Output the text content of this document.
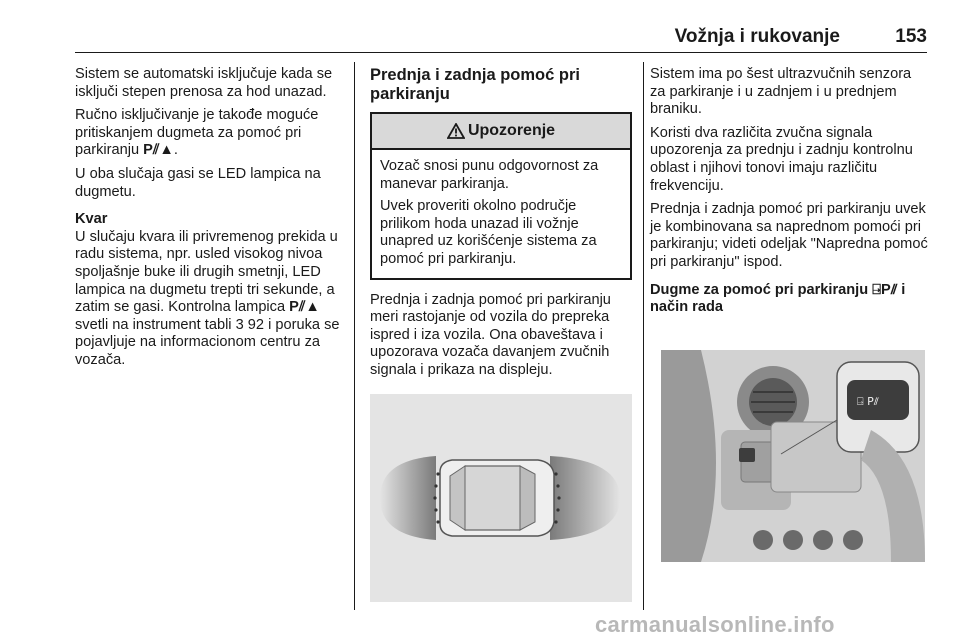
Vožnja i rukovanje	153

Sistem se automatski isključuje kada se isključi stepen prenosa za hod unazad.

Ručno isključivanje je takođe moguće pritiskanjem dugmeta za pomoć pri parkiranju P⫽▲.

U oba slučaja gasi se LED lampica na dugmetu.

Kvar

U slučaju kvara ili privremenog prekida u radu sistema, npr. usled visokog nivoa spoljašnje buke ili drugih smetnji, LED lampica na dugmetu trepti tri sekunde, a zatim se gasi. Kontrolna lampica P⫽▲ svetli na instrument tabli 3 92 i poruka se pojavljuje na informacionom centru za vozača.

Prednja i zadnja pomoć pri parkiranju
Upozorenje

Vozač snosi punu odgovornost za manevar parkiranja.

Uvek proveriti okolno područje prilikom hoda unazad ili vožnje unapred uz korišćenje sistema za pomoć pri parkiranju.

Prednja i zadnja pomoć pri parkiranju meri rastojanje od vozila do prepreka ispred i iza vozila. Ona obaveštava i upozorava vozača davanjem zvučnih signala i prikaza na displeju.

Sistem ima po šest ultrazvučnih senzora za parkiranje i u zadnjem i u prednjem braniku.

Koristi dva različita zvučna signala upozorenja za prednju i zadnju kontrolnu oblast i njihovi tonovi imaju različitu frekvenciju.

Prednja i zadnja pomoć pri parkiranju uvek je kombinovana sa naprednom pomoći pri parkiranju; videti odeljak "Napredna pomoć pri parkiranju" ispod.

Dugme za pomoć pri parkiranju ⍈P⫽ i način rada

⍈ P⫽
carmanualsonline.info
